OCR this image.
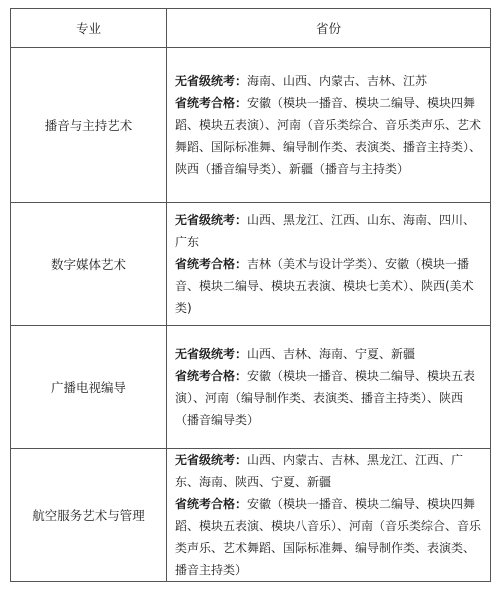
专业	省份
播音与主持艺术	无省级统考：海南、山西、内蒙古、吉林、江苏
省统考合格：安徽（模块一播音、模块二编导、模块四舞蹈、模块五表演）、河南（音乐类综合、音乐类声乐、艺术舞蹈、国际标准舞、编导制作类、表演类、播音主持类）、陕西（播音编导类）、新疆（播音与主持类）
数字媒体艺术	无省级统考：山西、黑龙江、江西、山东、海南、四川、广东
省统考合格：吉林（美术与设计学类）、安徽（模块一播音、模块二编导、模块五表演、模块七美术）、陕西(美术类)
广播电视编导	无省级统考：山西、吉林、海南、宁夏、新疆
省统考合格：安徽（模块一播音、模块二编导、模块五表演）、河南（编导制作类、表演类、播音主持类）、陕西（播音编导类）
航空服务艺术与管理	无省级统考：山西、内蒙古、吉林、黑龙江、江西、广东、海南、陕西、宁夏、新疆
省统考合格：安徽（模块一播音、模块二编导、模块四舞蹈、模块五表演、模块八音乐）、河南（音乐类综合、音乐类声乐、艺术舞蹈、国际标准舞、编导制作类、表演类、播音主持类）
